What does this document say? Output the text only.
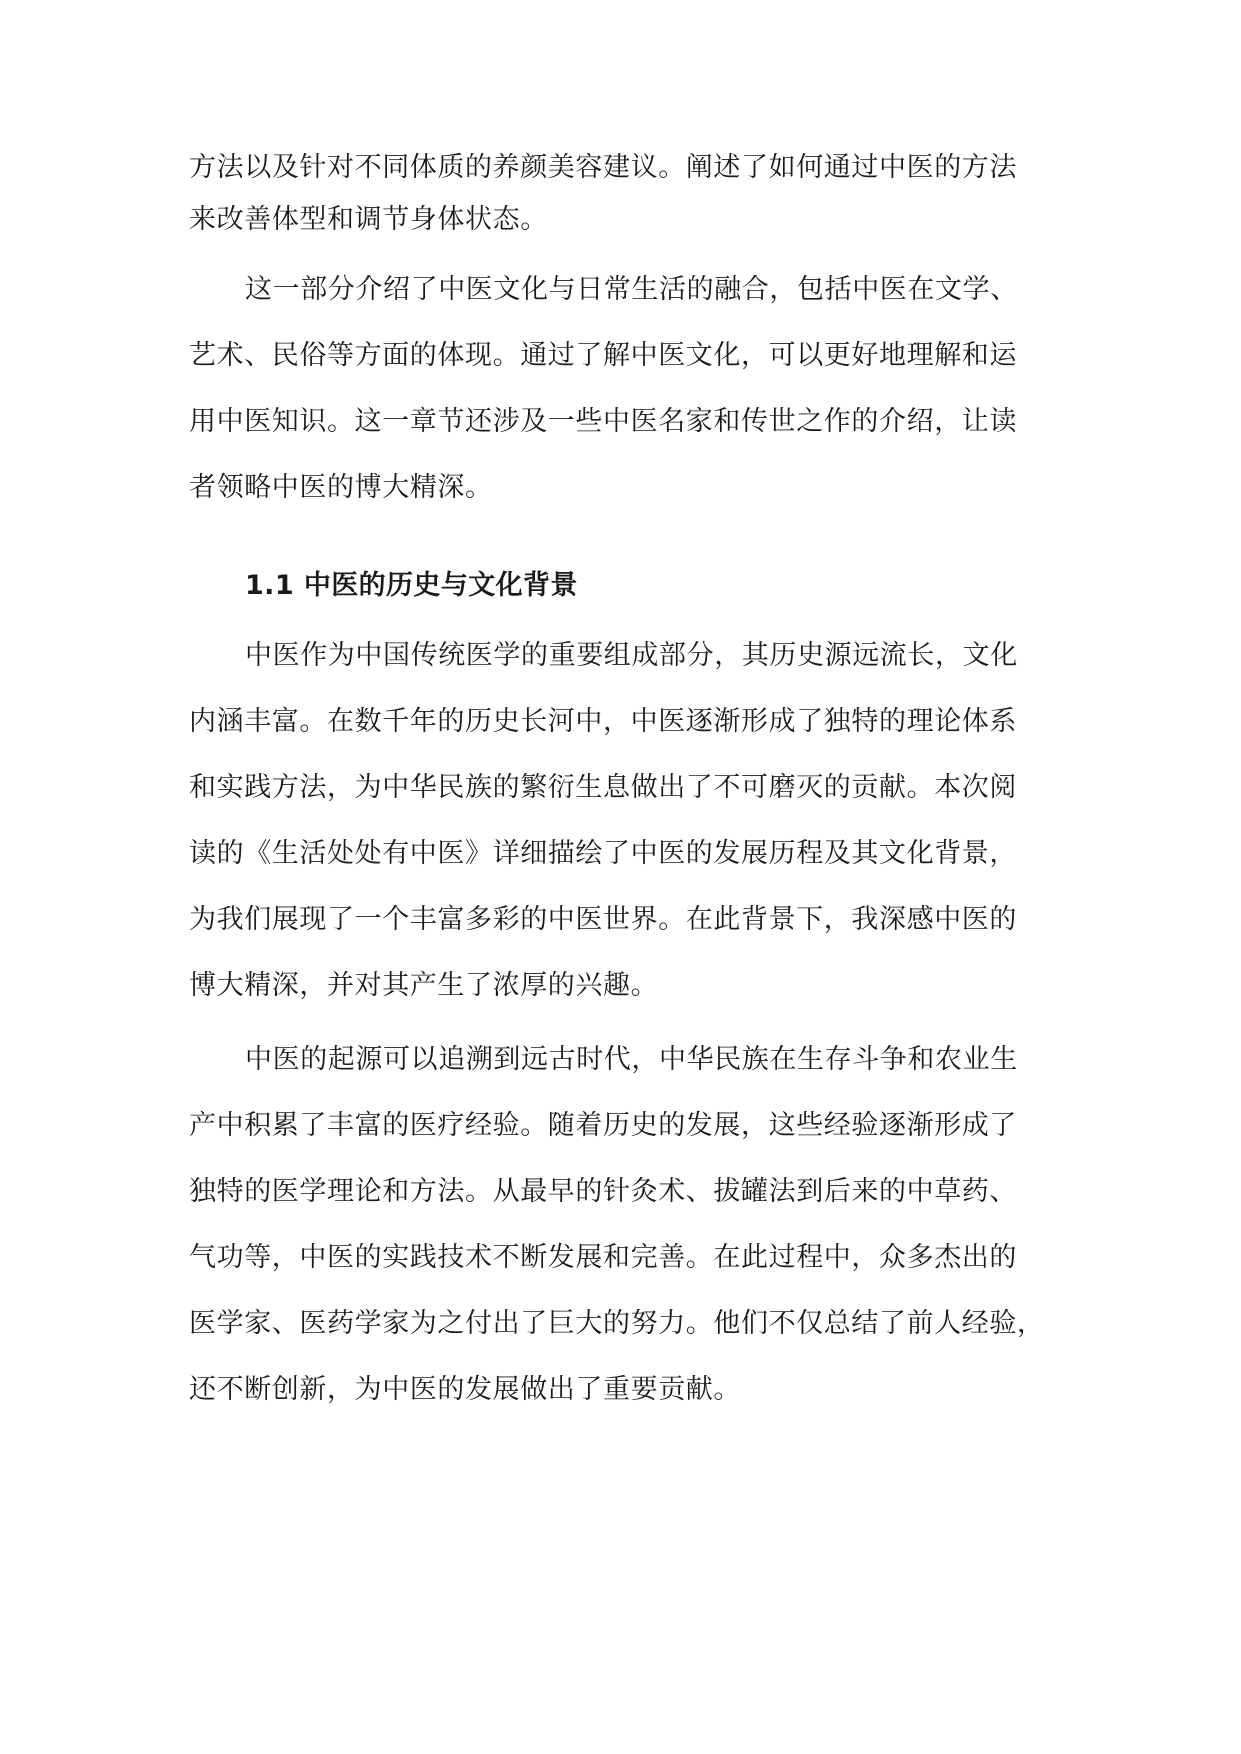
方法以及针对不同体质的养颜美容建议。阐述了如何通过中医的方法
来改善体型和调节身体状态。
这一部分介绍了中医文化与日常生活的融合，包括中医在文学、
艺术、民俗等方面的体现。通过了解中医文化，可以更好地理解和运
用中医知识。这一章节还涉及一些中医名家和传世之作的介绍，让读
者领略中医的博大精深。
1.1 中医的历史与文化背景
中医作为中国传统医学的重要组成部分，其历史源远流长，文化
内涵丰富。在数千年的历史长河中，中医逐渐形成了独特的理论体系
和实践方法，为中华民族的繁衍生息做出了不可磨灭的贡献。本次阅
读的《生活处处有中医》详细描绘了中医的发展历程及其文化背景，
为我们展现了一个丰富多彩的中医世界。在此背景下，我深感中医的
博大精深，并对其产生了浓厚的兴趣。
中医的起源可以追溯到远古时代，中华民族在生存斗争和农业生
产中积累了丰富的医疗经验。随着历史的发展，这些经验逐渐形成了
独特的医学理论和方法。从最早的针灸术、拔罐法到后来的中草药、
气功等，中医的实践技术不断发展和完善。在此过程中，众多杰出的
医学家、医药学家为之付出了巨大的努力。他们不仅总结了前人经验，
还不断创新，为中医的发展做出了重要贡献。
